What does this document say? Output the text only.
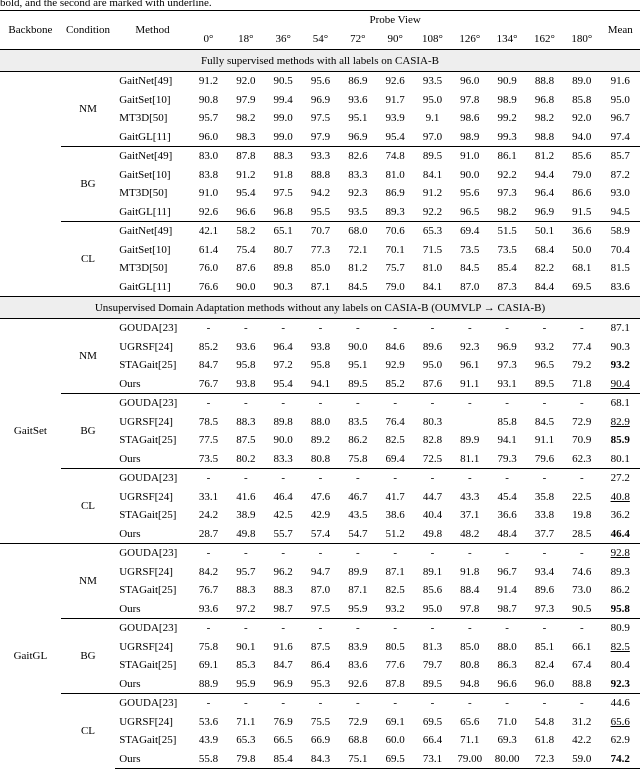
bold, and the second are marked with underline.
Backbone	Condition	Method	Probe View											Mean
			0°	18°	36°	54°	72°	90°	108°	126°	134°	162°	180°	
Fully supervised methods with all labels on CASIA-B														
	NM	GaitNet[49]	91.2	92.0	90.5	95.6	86.9	92.6	93.5	96.0	90.9	88.8	89.0	91.6
		GaitSet[10]	90.8	97.9	99.4	96.9	93.6	91.7	95.0	97.8	98.9	96.8	85.8	95.0
		MT3D[50]	95.7	98.2	99.0	97.5	95.1	93.9	9.1	98.6	99.2	98.2	92.0	96.7
		GaitGL[11]	96.0	98.3	99.0	97.9	96.9	95.4	97.0	98.9	99.3	98.8	94.0	97.4
	BG	GaitNet[49]	83.0	87.8	88.3	93.3	82.6	74.8	89.5	91.0	86.1	81.2	85.6	85.7
		GaitSet[10]	83.8	91.2	91.8	88.8	83.3	81.0	84.1	90.0	92.2	94.4	79.0	87.2
		MT3D[50]	91.0	95.4	97.5	94.2	92.3	86.9	91.2	95.6	97.3	96.4	86.6	93.0
		GaitGL[11]	92.6	96.6	96.8	95.5	93.5	89.3	92.2	96.5	98.2	96.9	91.5	94.5
	CL	GaitNet[49]	42.1	58.2	65.1	70.7	68.0	70.6	65.3	69.4	51.5	50.1	36.6	58.9
		GaitSet[10]	61.4	75.4	80.7	77.3	72.1	70.1	71.5	73.5	73.5	68.4	50.0	70.4
		MT3D[50]	76.0	87.6	89.8	85.0	81.2	75.7	81.0	84.5	85.4	82.2	68.1	81.5
		GaitGL[11]	76.6	90.0	90.3	87.1	84.5	79.0	84.1	87.0	87.3	84.4	69.5	83.6
Unsupervised Domain Adaptation methods without any labels on CASIA-B (OUMVLP → CASIA-B)														
GaitSet	NM	GOUDA[23]	-	-	-	-	-	-	-	-	-	-	-	87.1
		UGRSF[24]	85.2	93.6	96.4	93.8	90.0	84.6	89.6	92.3	96.9	93.2	77.4	90.3
		STAGait[25]	84.7	95.8	97.2	95.8	95.1	92.9	95.0	96.1	97.3	96.5	79.2	93.2
		Ours	76.7	93.8	95.4	94.1	89.5	85.2	87.6	91.1	93.1	89.5	71.8	90.4
	BG	GOUDA[23]	-	-	-	-	-	-	-	-	-	-	-	68.1
		UGRSF[24]	78.5	88.3	89.8	88.0	83.5	76.4	80.3		85.8	84.5	72.9	82.9
		STAGait[25]	77.5	87.5	90.0	89.2	86.2	82.5	82.8	89.9	94.1	91.1	70.9	85.9
		Ours	73.5	80.2	83.3	80.8	75.8	69.4	72.5	81.1	79.3	79.6	62.3	80.1
	CL	GOUDA[23]	-	-	-	-	-	-	-	-	-	-	-	27.2
		UGRSF[24]	33.1	41.6	46.4	47.6	46.7	41.7	44.7	43.3	45.4	35.8	22.5	40.8
		STAGait[25]	24.2	38.9	42.5	42.9	43.5	38.6	40.4	37.1	36.6	33.8	19.8	36.2
		Ours	28.7	49.8	55.7	57.4	54.7	51.2	49.8	48.2	48.4	37.7	28.5	46.4
GaitGL	NM	GOUDA[23]	-	-	-	-	-	-	-	-	-	-	-	92.8
		UGRSF[24]	84.2	95.7	96.2	94.7	89.9	87.1	89.1	91.8	96.7	93.4	74.6	89.3
		STAGait[25]	76.7	88.3	88.3	87.0	87.1	82.5	85.6	88.4	91.4	89.6	73.0	86.2
		Ours	93.6	97.2	98.7	97.5	95.9	93.2	95.0	97.8	98.7	97.3	90.5	95.8
	BG	GOUDA[23]	-	-	-	-	-	-	-	-	-	-	-	80.9
		UGRSF[24]	75.8	90.1	91.6	87.5	83.9	80.5	81.3	85.0	88.0	85.1	66.1	82.5
		STAGait[25]	69.1	85.3	84.7	86.4	83.6	77.6	79.7	80.8	86.3	82.4	67.4	80.4
		Ours	88.9	95.9	96.9	95.3	92.6	87.8	89.5	94.8	96.6	96.0	88.8	92.3
	CL	GOUDA[23]	-	-	-	-	-	-	-	-	-	-	-	44.6
		UGRSF[24]	53.6	71.1	76.9	75.5	72.9	69.1	69.5	65.6	71.0	54.8	31.2	65.6
		STAGait[25]	43.9	65.3	66.5	66.9	68.8	60.0	66.4	71.1	69.3	61.8	42.2	62.9
		Ours	55.8	79.8	85.4	84.3	75.1	69.5	73.1	79.00	80.00	72.3	59.0	74.2
